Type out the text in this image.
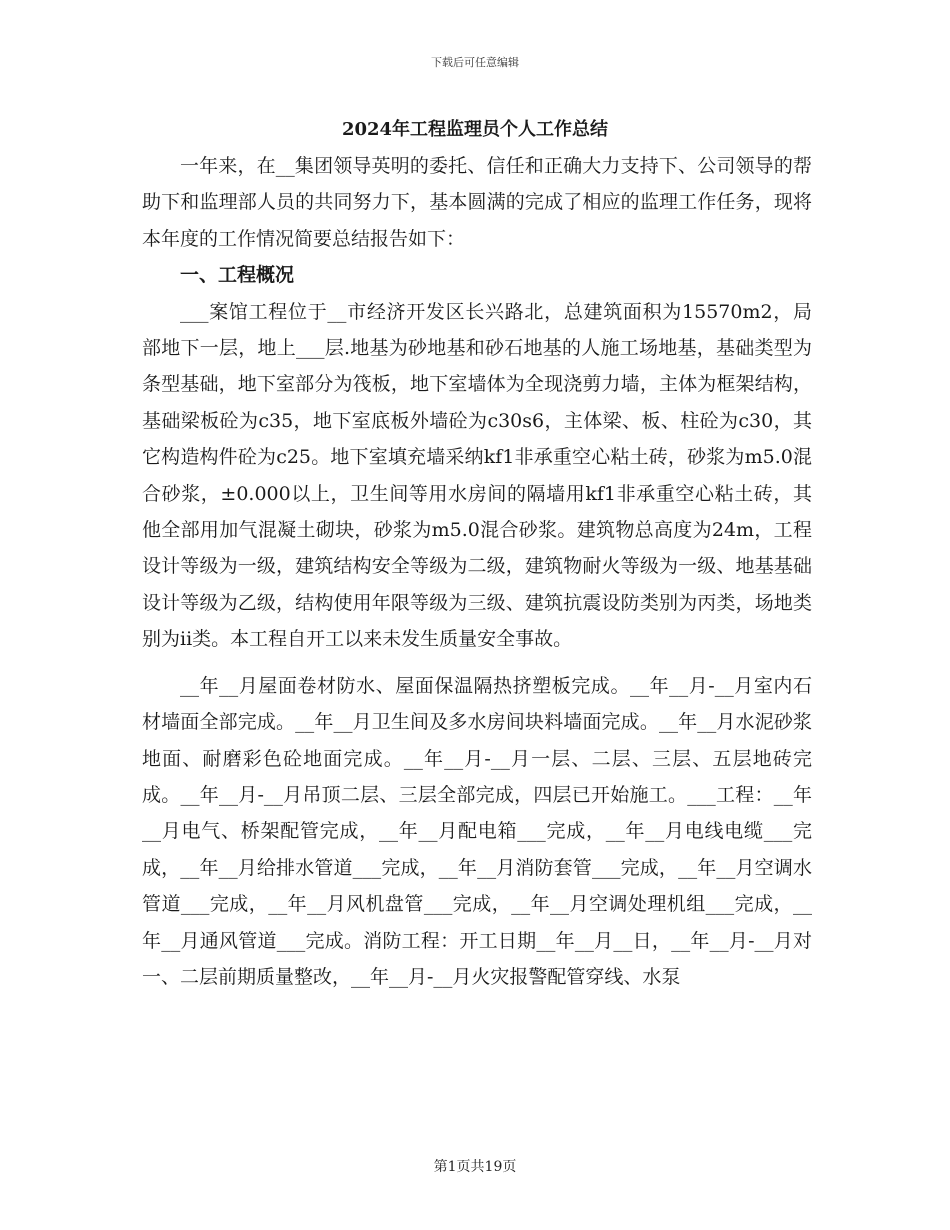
下载后可任意编辑
2024年工程监理员个人工作总结

一年来，在__集团领导英明的委托、信任和正确大力支持下、公司领导的帮助下和监理部人员的共同努力下，基本圆满的完成了相应的监理工作任务，现将本年度的工作情况简要总结报告如下：

一、工程概况

___案馆工程位于__市经济开发区长兴路北，总建筑面积为15570m2，局部地下一层，地上___层.地基为砂地基和砂石地基的人施工场地基，基础类型为条型基础，地下室部分为筏板，地下室墙体为全现浇剪力墙，主体为框架结构，基础梁板砼为c35，地下室底板外墙砼为c30s6，主体梁、板、柱砼为c30，其它构造构件砼为c25。地下室填充墙采纳kf1非承重空心粘土砖，砂浆为m5.0混合砂浆，±0.000以上，卫生间等用水房间的隔墙用kf1非承重空心粘土砖，其他全部用加气混凝土砌块，砂浆为m5.0混合砂浆。建筑物总高度为24m，工程设计等级为一级，建筑结构安全等级为二级，建筑物耐火等级为一级、地基基础设计等级为乙级，结构使用年限等级为三级、建筑抗震设防类别为丙类，场地类别为ii类。本工程自开工以来未发生质量安全事故。

__年__月屋面卷材防水、屋面保温隔热挤塑板完成。__年__月-__月室内石材墙面全部完成。__年__月卫生间及多水房间块料墙面完成。__年__月水泥砂浆地面、耐磨彩色砼地面完成。__年__月-__月一层、二层、三层、五层地砖完成。__年__月-__月吊顶二层、三层全部完成，四层已开始施工。___工程：__年__月电气、桥架配管完成，__年__月配电箱___完成，__年__月电线电缆___完成，__年__月给排水管道___完成，__年__月消防套管___完成，__年__月空调水管道___完成，__年__月风机盘管___完成，__年__月空调处理机组___完成，__年__月通风管道___完成。消防工程：开工日期__年__月__日，__年__月-__月对一、二层前期质量整改，__年__月-__月火灾报警配管穿线、水泵

第1页共19页
